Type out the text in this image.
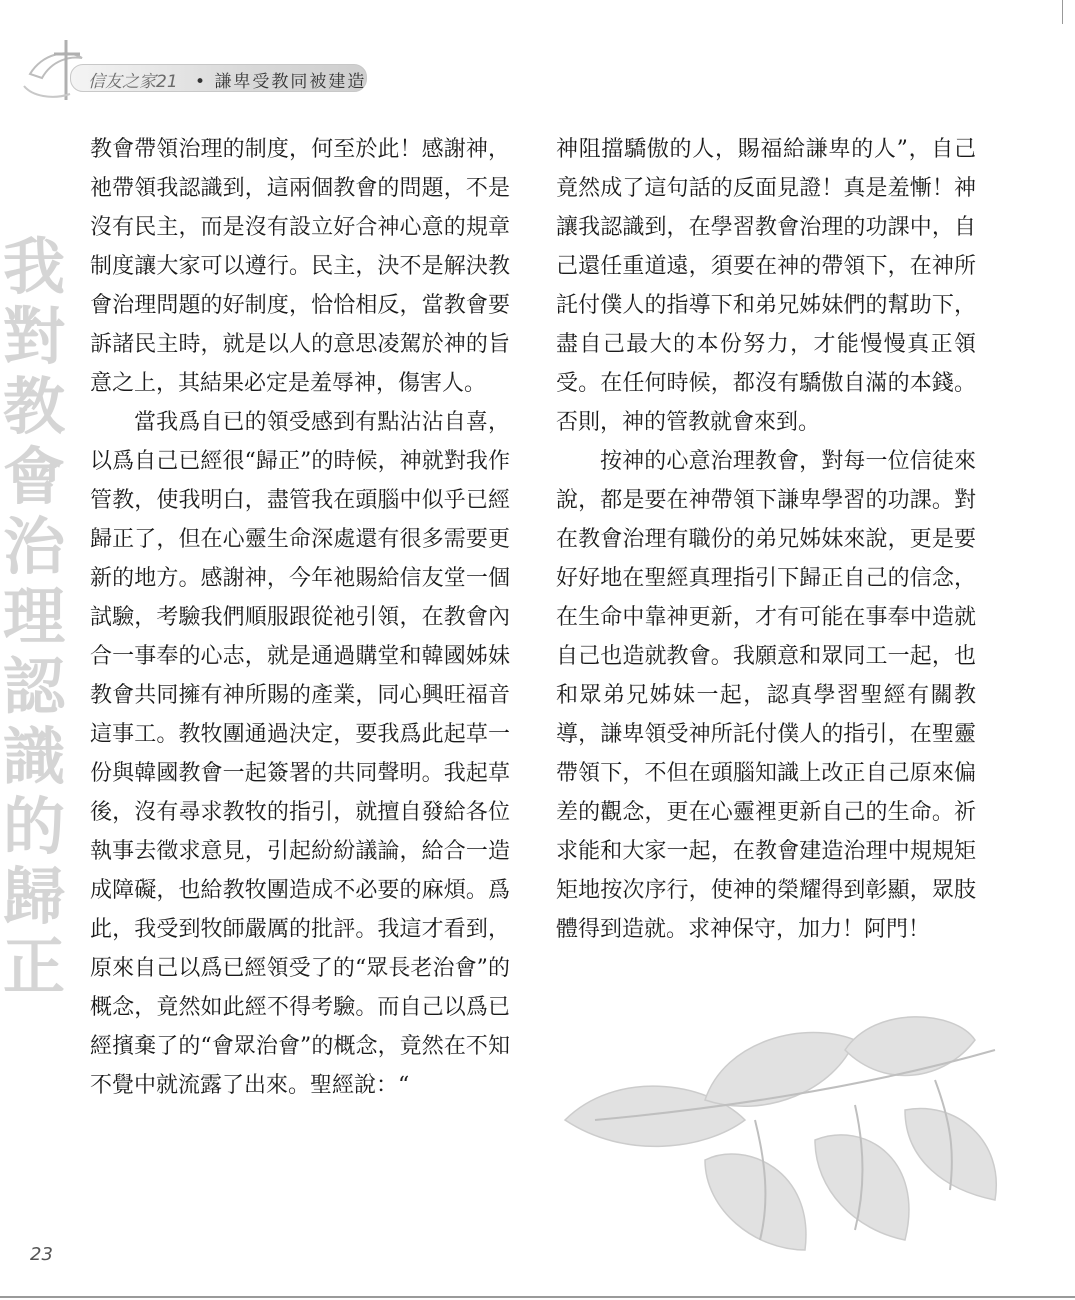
信友之家21 • 謙卑受教同被建造
我對教會治理認識的歸正

教會帶領治理的制度，何至於此！感謝神，祂帶領我認識到，這兩個教會的問題，不是沒有民主，而是沒有設立好合神心意的規章制度讓大家可以遵行。民主，決不是解決教會治理問題的好制度，恰恰相反，當教會要訴諸民主時，就是以人的意思凌駕於神的旨意之上，其結果必定是羞辱神，傷害人。

當我爲自已的領受感到有點沾沾自喜，以爲自己已經很“歸正”的時候，神就對我作管教，使我明白，盡管我在頭腦中似乎已經歸正了，但在心靈生命深處還有很多需要更新的地方。感謝神，今年祂賜給信友堂一個試驗，考驗我們順服跟從祂引領，在教會內合一事奉的心志，就是通過購堂和韓國姊妹教會共同擁有神所賜的產業，同心興旺福音這事工。教牧團通過決定，要我爲此起草一份與韓國教會一起簽署的共同聲明。我起草後，沒有尋求教牧的指引，就擅自發給各位執事去徵求意見，引起紛紛議論，給合一造成障礙，也給教牧團造成不必要的麻煩。爲此，我受到牧師嚴厲的批評。我這才看到，原來自己以爲已經領受了的“眾長老治會”的概念，竟然如此經不得考驗。而自己以爲已經擯棄了的“會眾治會”的概念，竟然在不知不覺中就流露了出來。聖經說：“

神阻擋驕傲的人，賜福給謙卑的人”，自己竟然成了這句話的反面見證！真是羞慚！神讓我認識到，在學習教會治理的功課中，自己還任重道遠，須要在神的帶領下，在神所託付僕人的指導下和弟兄姊妹們的幫助下，盡自己最大的本份努力，才能慢慢真正領受。在任何時候，都沒有驕傲自滿的本錢。否則，神的管教就會來到。

按神的心意治理教會，對每一位信徒來說，都是要在神帶領下謙卑學習的功課。對在教會治理有職份的弟兄姊妹來說，更是要好好地在聖經真理指引下歸正自己的信念，在生命中靠神更新，才有可能在事奉中造就自己也造就教會。我願意和眾同工一起，也和眾弟兄姊妹一起，認真學習聖經有關教導，謙卑領受神所託付僕人的指引，在聖靈帶領下，不但在頭腦知識上改正自己原來偏差的觀念，更在心靈裡更新自己的生命。祈求能和大家一起，在教會建造治理中規規矩矩地按次序行，使神的榮耀得到彰顯，眾肢體得到造就。求神保守，加力！阿門！

23
